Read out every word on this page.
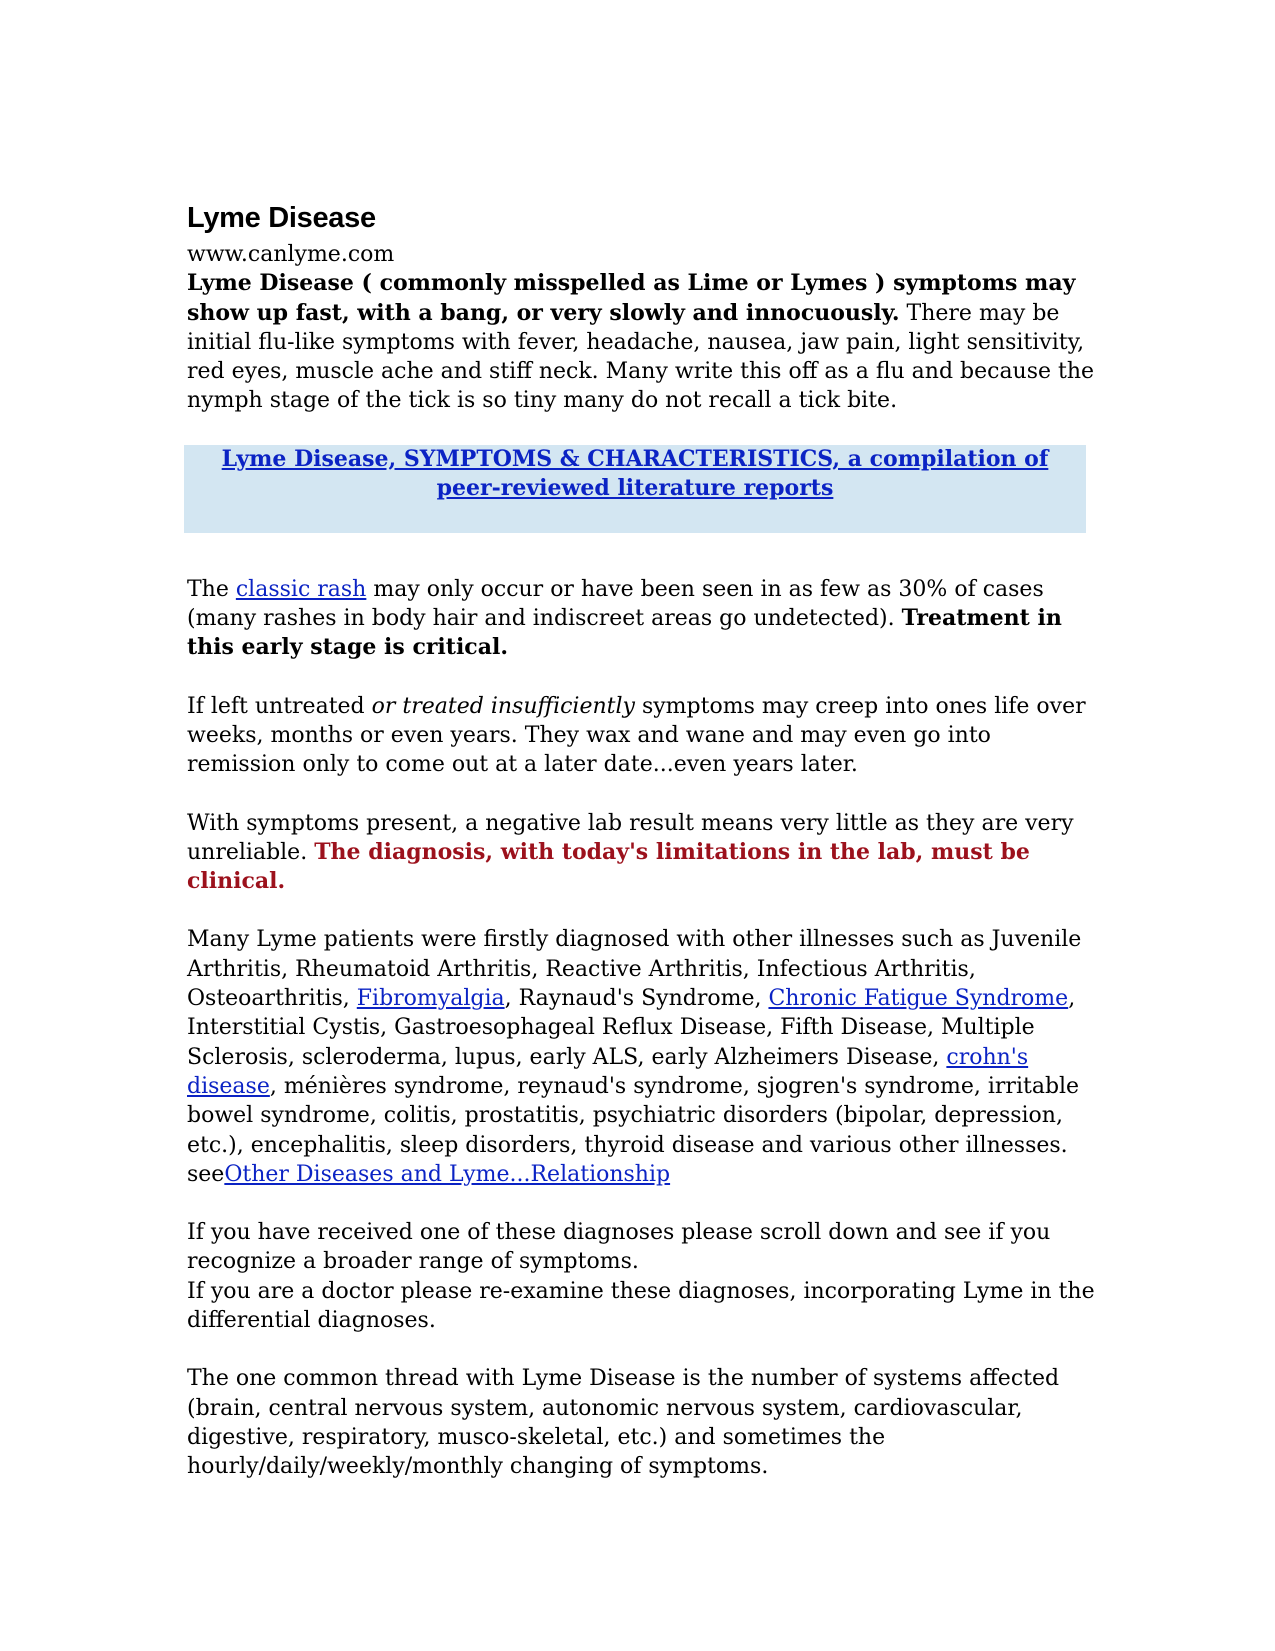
Lyme Disease
www.canlyme.com

Lyme Disease ( commonly misspelled as Lime or Lymes ) symptoms may show up fast, with a bang, or very slowly and innocuously. There may be initial flu-like symptoms with fever, headache, nausea, jaw pain, light sensitivity, red eyes, muscle ache and stiff neck. Many write this off as a flu and because the nymph stage of the tick is so tiny many do not recall a tick bite.

Lyme Disease, SYMPTOMS & CHARACTERISTICS, a compilation of peer-reviewed literature reports

The classic rash may only occur or have been seen in as few as 30% of cases (many rashes in body hair and indiscreet areas go undetected). Treatment in this early stage is critical.

If left untreated or treated insufficiently symptoms may creep into ones life over weeks, months or even years. They wax and wane and may even go into remission only to come out at a later date...even years later.

With symptoms present, a negative lab result means very little as they are very unreliable. The diagnosis, with today's limitations in the lab, must be clinical.

Many Lyme patients were firstly diagnosed with other illnesses such as Juvenile Arthritis, Rheumatoid Arthritis, Reactive Arthritis, Infectious Arthritis, Osteoarthritis, Fibromyalgia, Raynaud's Syndrome, Chronic Fatigue Syndrome, Interstitial Cystis, Gastroesophageal Reflux Disease, Fifth Disease, Multiple Sclerosis, scleroderma, lupus, early ALS, early Alzheimers Disease, crohn's disease, ménières syndrome, reynaud's syndrome, sjogren's syndrome, irritable bowel syndrome, colitis, prostatitis, psychiatric disorders (bipolar, depression, etc.), encephalitis, sleep disorders, thyroid disease and various other illnesses. seeOther Diseases and Lyme...Relationship

If you have received one of these diagnoses please scroll down and see if you recognize a broader range of symptoms.

If you are a doctor please re-examine these diagnoses, incorporating Lyme in the differential diagnoses.

The one common thread with Lyme Disease is the number of systems affected (brain, central nervous system, autonomic nervous system, cardiovascular, digestive, respiratory, musco-skeletal, etc.) and sometimes the hourly/daily/weekly/monthly changing of symptoms.
